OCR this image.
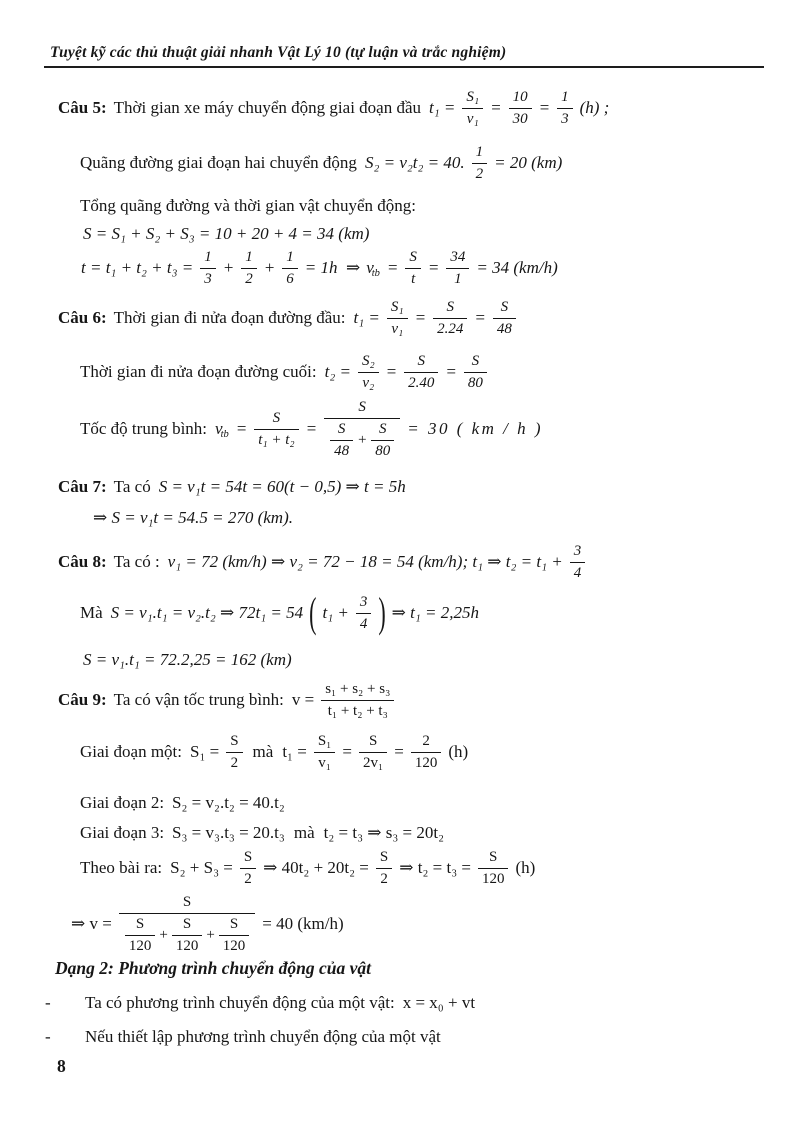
Tuyệt kỹ các thủ thuật giải nhanh Vật Lý 10 (tự luận và trắc nghiệm)
Câu 5: Thời gian xe máy chuyển động giai đoạn đầu $t_1 = \frac{\text{S₁}}{\text{v₁}} = \frac{10}{30} = \frac{1}{3} (h)$ ;
Quãng đường giai đoạn hai chuyển động S₂ = v₂t₂ = 40. $\frac{1}{2} = 20$ (km)
Tổng quãng đường và thời gian vật chuyển động:
S = S₁ + S₂ + S₃ = 10 + 20 + 4 = 34 (km)
$t = t_1 + t_2 + t_3 = \frac{1}{3} + \frac{1}{2} + \frac{1}{6} = 1h$  ⇒ v
$_{tb} = \frac{S}{t} = \frac{34}{1} = 34$ (km/h)
Câu 6: Thời gian đi nửa đoạn đường đầu: $t_1 = \frac{\text{S₁}}{\text{v₁}} = \frac{S}{2.24} = \frac{S}{48}$
Thời gian đi nửa đoạn đường cuối: $t_2 = \frac{\text{S₂}}{\text{v₂}} = \frac{S}{2.40} = \frac{S}{80}$
Tốc độ trung bình: v
$_{tb} = \frac{S}{\text{t₁ + t₂}} = \frac{S}{\frac{S}{48} + \frac{S}{80}} = 30$ ( km / h )
Câu 7: Ta có S = v₁t = 54t = 60(t − 0,5) ⇒ t = 5h
⇒ S = v₁t = 54.5 = 270 (km).
Câu 8: Ta có : v₁ = 72 (km/h) ⇒ v₂ = 72 − 18 = 54 (km/h); t₁ ⇒ $t_2 = t_1 + \frac{3}{4}$
Mà S = v₁.t₁ = v₂.t₂ ⇒ 72t₁ = 54 ( $t_1 + \frac{3}{4}$ ) ⇒ t₁ = 2,25h
S = v₁.t₁ = 72.2,25 = 162 (km)
Câu 9: Ta có vận tốc trung bình: $v = \frac{\text{s₁ + s₂ + s₃}}{\text{t₁ + t₂ + t₃}}$
Giai đoạn một: $S_1 = \frac{S}{2}$ mà $t_1 = \frac{\text{S₁}}{\text{v₁}} = \frac{S}{\text{2v₁}} = \frac{2}{120} (h)$
Giai đoạn 2: S₂ = v₂.t₂ = 40.t₂
Giai đoạn 3: S₃ = v₃.t₃ = 20.t₃ mà t₂ = t₃ ⇒ s₃ = 20t₂
Theo bài ra: $S_2 + S_3 = \frac{S}{2}$ ⇒ $40t_2 + 20t_2 = \frac{S}{2}$ ⇒ $t_2 = t_3 = \frac{S}{120} (h)$
⇒ $v = \frac{S}{\frac{S}{120} + \frac{S}{120} + \frac{S}{120}} = 40$ (km/h)
Dạng 2: Phương trình chuyển động của vật
-	Ta có phương trình chuyển động của một vật: x = x₀ + vt
-	Nếu thiết lập phương trình chuyển động của một vật
8
